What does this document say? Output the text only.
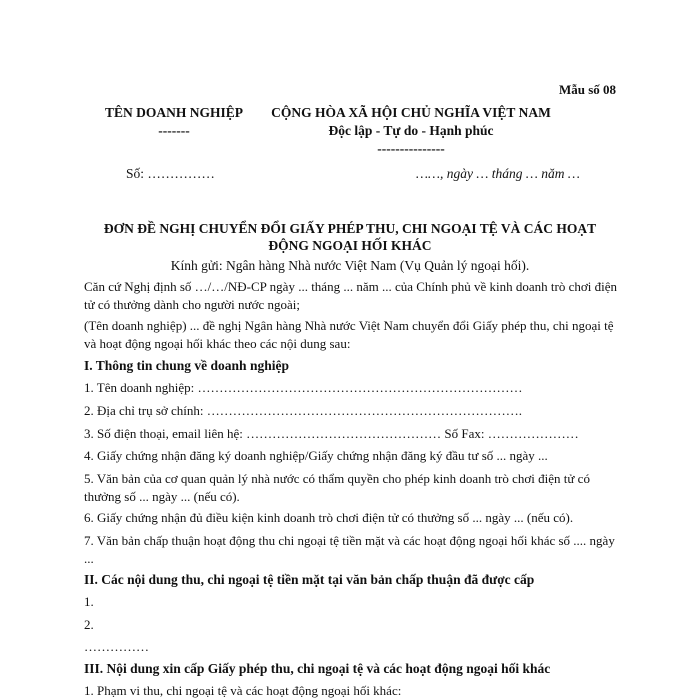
Mẫu số 08
TÊN DOANH NGHIỆP
-------
CỘNG HÒA XÃ HỘI CHỦ NGHĨA VIỆT NAM
Độc lập - Tự do - Hạnh phúc
---------------
Số: ……………	……, ngày … tháng … năm …
ĐƠN ĐỀ NGHỊ CHUYỂN ĐỔI GIẤY PHÉP THU, CHI NGOẠI TỆ VÀ CÁC HOẠT ĐỘNG NGOẠI HỐI KHÁC
Kính gửi: Ngân hàng Nhà nước Việt Nam (Vụ Quản lý ngoại hối).
Căn cứ Nghị định số …/…/NĐ-CP ngày ... tháng ... năm ... của Chính phủ về kinh doanh trò chơi điện tử có thưởng dành cho người nước ngoài;
(Tên doanh nghiệp) ... đề nghị Ngân hàng Nhà nước Việt Nam chuyển đổi Giấy phép thu, chi ngoại tệ và hoạt động ngoại hối khác theo các nội dung sau:
I. Thông tin chung về doanh nghiệp
1. Tên doanh nghiệp: …………………………………………………………………
2. Địa chỉ trụ sở chính: ……………………………………………………………….
3. Số điện thoại, email liên hệ: ……………………………………… Số Fax: …………………
4. Giấy chứng nhận đăng ký doanh nghiệp/Giấy chứng nhận đăng ký đầu tư số ... ngày ...
5. Văn bản của cơ quan quản lý nhà nước có thẩm quyền cho phép kinh doanh trò chơi điện tử có thưởng số ... ngày ... (nếu có).
6. Giấy chứng nhận đủ điều kiện kinh doanh trò chơi điện tử có thưởng số ... ngày ... (nếu có).
7. Văn bản chấp thuận hoạt động thu chi ngoại tệ tiền mặt và các hoạt động ngoại hối khác số .... ngày ...
II. Các nội dung thu, chi ngoại tệ tiền mặt tại văn bản chấp thuận đã được cấp
1.
2.
……………
III. Nội dung xin cấp Giấy phép thu, chi ngoại tệ và các hoạt động ngoại hối khác
1. Phạm vi thu, chi ngoại tệ và các hoạt động ngoại hối khác:
